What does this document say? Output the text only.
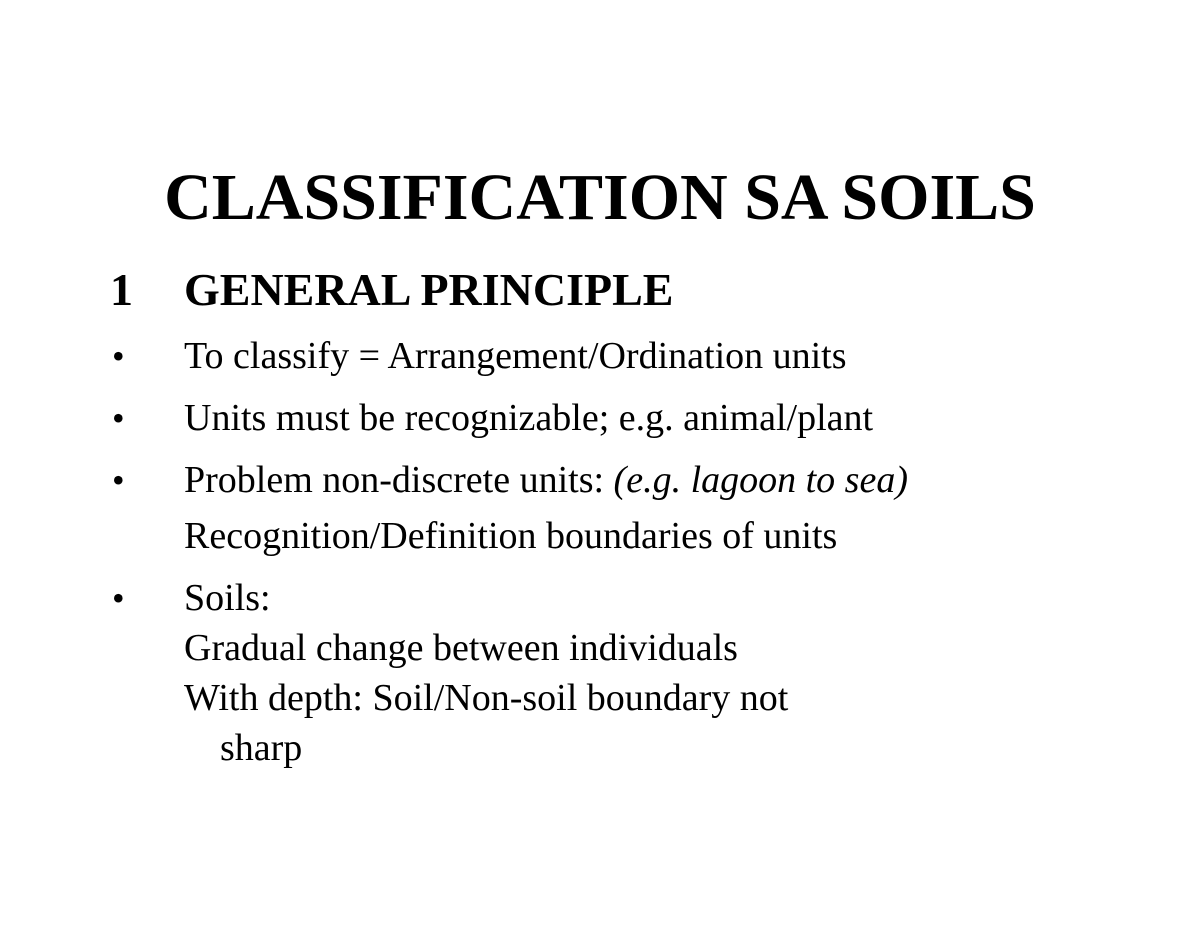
CLASSIFICATION SA SOILS
1 GENERAL PRINCIPLE
• To classify = Arrangement/Ordination units
• Units must be recognizable; e.g. animal/plant
• Problem non-discrete units: (e.g. lagoon to sea)
Recognition/Definition boundaries of units
• Soils:
Gradual change between individuals
With depth: Soil/Non-soil boundary not
sharp
